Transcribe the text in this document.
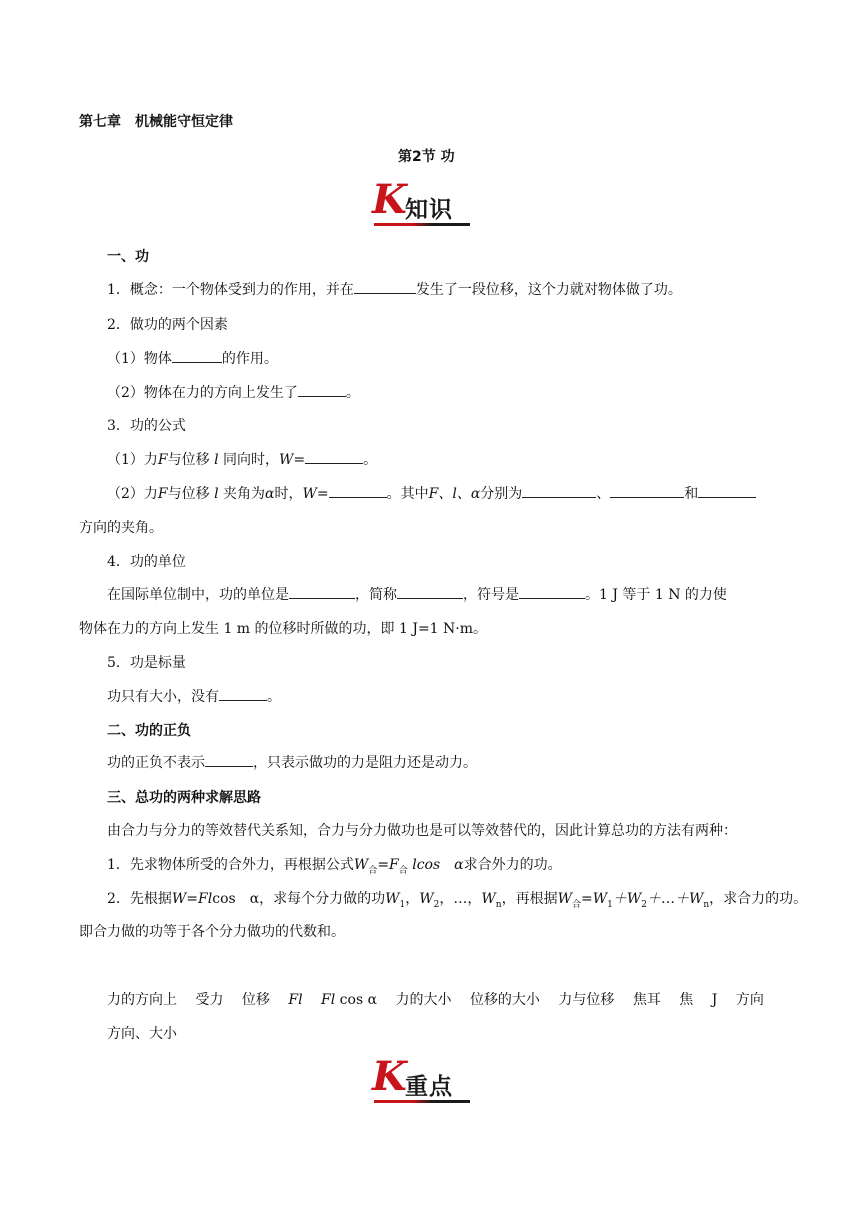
第七章　机械能守恒定律
第2节 功
K
知识
一、功
1．概念：一个物体受到力的作用，并在	发生了一段位移，这个力就对物体做了功。
2．做功的两个因素
（1）物体	的作用。
（2）物体在力的方向上发生了	。
3．功的公式
（1）力F与位移 l 同向时，W=	。
（2）力F与位移 l 夹角为α时，W=	。其中F、l、α分别为	、	和
方向的夹角。
4．功的单位
在国际单位制中，功的单位是	，简称	，符号是	。1 J 等于 1 N 的力使
物体在力的方向上发生 1 m 的位移时所做的功，即 1 J=1 N·m。
5．功是标量
功只有大小，没有	。
二、功的正负
功的正负不表示	，只表示做功的力是阻力还是动力。
三、总功的两种求解思路
由合力与分力的等效替代关系知，合力与分力做功也是可以等效替代的，因此计算总功的方法有两种：
1．先求物体所受的合外力，再根据公式$W_合=F_合$ lcos　α求合外力的功。
2．先根据W=Flcos　α，求每个分力做的功$W_1$，$W_2$，…，$W_n$，再根据$W_合=W_1+W_2+\dots+W_n$，求合力的功。
即合力做的功等于各个分力做功的代数和。
力的方向上 受力 位移 Fl Fl cos α 力的大小 位移的大小 力与位移 焦耳 焦 J 方向
方向、大小
K
重点
